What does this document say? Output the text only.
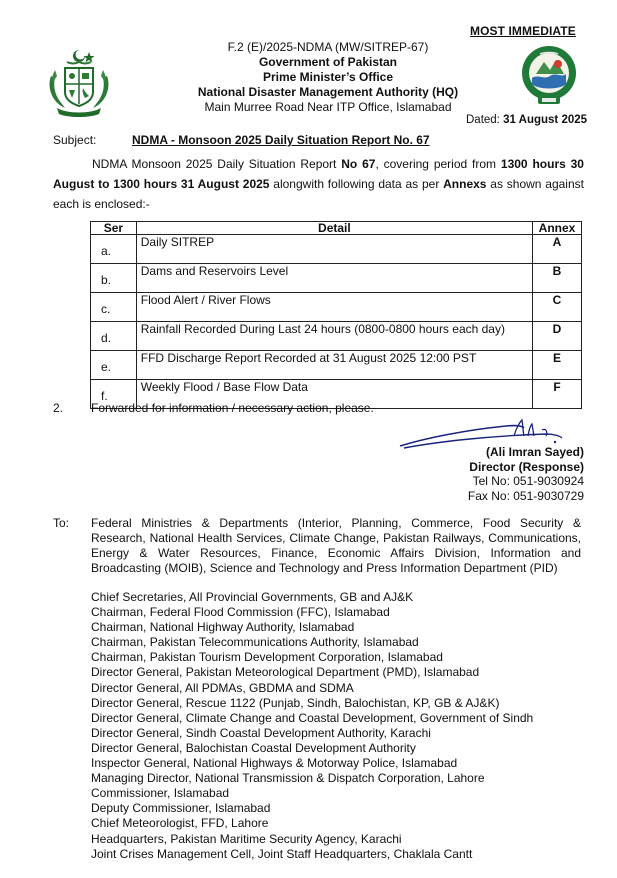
MOST IMMEDIATE
F.2 (E)/2025-NDMA (MW/SITREP-67)
Government of Pakistan
Prime Minister’s Office
National Disaster Management Authority (HQ)
Main Murree Road Near ITP Office, Islamabad
Dated: 31 August 2025
Subject:	NDMA - Monsoon 2025 Daily Situation Report No. 67
NDMA Monsoon 2025 Daily Situation Report No 67, covering period from 1300 hours 30 August to 1300 hours 31 August 2025 alongwith following data as per Annexs as shown against each is enclosed:-
Ser	Detail	Annex
a.	Daily SITREP	A
b.	Dams and Reservoirs Level	B
c.	Flood Alert / River Flows	C
d.	Rainfall Recorded During Last 24 hours (0800-0800 hours each day)	D
e.	FFD Discharge Report Recorded at 31 August 2025 12:00 PST	E
f.	Weekly Flood / Base Flow Data	F
2. Forwarded for information / necessary action, please.
(Ali Imran Sayed)
Director (Response)
Tel No: 051-9030924
Fax No: 051-9030729
To: Federal Ministries & Departments (Interior, Planning, Commerce, Food Security & Research, National Health Services, Climate Change, Pakistan Railways, Communications, Energy & Water Resources, Finance, Economic Affairs Division, Information and Broadcasting (MOIB), Science and Technology and Press Information Department (PID)
Chief Secretaries, All Provincial Governments, GB and AJ&K
Chairman, Federal Flood Commission (FFC), Islamabad
Chairman, National Highway Authority, Islamabad
Chairman, Pakistan Telecommunications Authority, Islamabad
Chairman, Pakistan Tourism Development Corporation, Islamabad
Director General, Pakistan Meteorological Department (PMD), Islamabad
Director General, All PDMAs, GBDMA and SDMA
Director General, Rescue 1122 (Punjab, Sindh, Balochistan, KP, GB & AJ&K)
Director General, Climate Change and Coastal Development, Government of Sindh
Director General, Sindh Coastal Development Authority, Karachi
Director General, Balochistan Coastal Development Authority
Inspector General, National Highways & Motorway Police, Islamabad
Managing Director, National Transmission & Dispatch Corporation, Lahore
Commissioner, Islamabad
Deputy Commissioner, Islamabad
Chief Meteorologist, FFD, Lahore
Headquarters, Pakistan Maritime Security Agency, Karachi
Joint Crises Management Cell, Joint Staff Headquarters, Chaklala Cantt
